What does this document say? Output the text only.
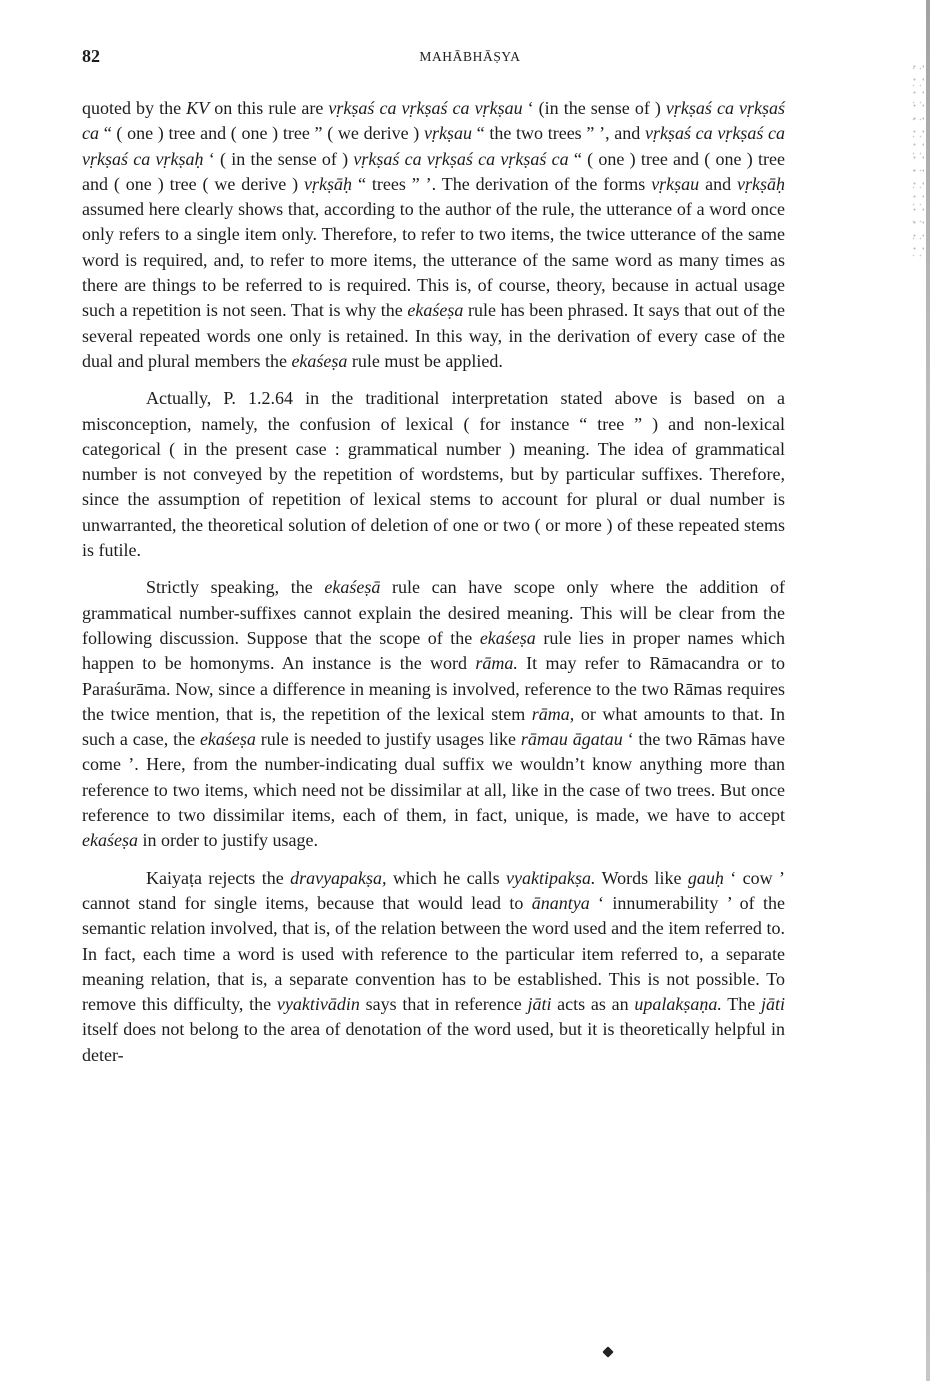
82	MAHĀBHĀṢYA

quoted by the KV on this rule are vṛkṣaś ca vṛkṣaś ca vṛkṣau ‘ (in the sense of ) vṛkṣaś ca vṛkṣaś ca “ ( one ) tree and ( one ) tree ” ( we derive ) vṛkṣau “ the two trees ” ’, and vṛkṣaś ca vṛkṣaś ca vṛkṣaś ca vṛkṣaḥ ‘ ( in the sense of ) vṛkṣaś ca vṛkṣaś ca vṛkṣaś ca “ ( one ) tree and ( one ) tree and ( one ) tree ( we derive ) vṛkṣāḥ “ trees ” ’. The derivation of the forms vṛkṣau and vṛkṣāḥ assumed here clearly shows that, according to the author of the rule, the utterance of a word once only refers to a single item only. Therefore, to refer to two items, the twice utterance of the same word is required, and, to refer to more items, the utterance of the same word as many times as there are things to be referred to is required. This is, of course, theory, because in actual usage such a repetition is not seen. That is why the ekaśeṣa rule has been phrased. It says that out of the several repeated words one only is retained. In this way, in the derivation of every case of the dual and plural members the ekaśeṣa rule must be applied.

Actually, P. 1.2.64 in the traditional interpretation stated above is based on a misconception, namely, the confusion of lexical ( for instance “ tree ” ) and non-lexical categorical ( in the present case : grammatical number ) meaning. The idea of grammatical number is not conveyed by the repetition of wordstems, but by particular suffixes. Therefore, since the assumption of repetition of lexical stems to account for plural or dual number is unwarranted, the theoretical solution of deletion of one or two ( or more ) of these repeated stems is futile.

Strictly speaking, the ekaśeṣā rule can have scope only where the addition of grammatical number-suffixes cannot explain the desired meaning. This will be clear from the following discussion. Suppose that the scope of the ekaśeṣa rule lies in proper names which happen to be homonyms. An instance is the word rāma. It may refer to Rāmacandra or to Paraśurāma. Now, since a difference in meaning is involved, reference to the two Rāmas requires the twice mention, that is, the repetition of the lexical stem rāma, or what amounts to that. In such a case, the ekaśeṣa rule is needed to justify usages like rāmau āgatau ‘ the two Rāmas have come ’. Here, from the number-indicating dual suffix we wouldn’t know anything more than reference to two items, which need not be dissimilar at all, like in the case of two trees. But once reference to two dissimilar items, each of them, in fact, unique, is made, we have to accept ekaśeṣa in order to justify usage.

Kaiyaṭa rejects the dravyapakṣa, which he calls vyaktipakṣa. Words like gauḥ ‘ cow ’ cannot stand for single items, because that would lead to ānantya ‘ innumerability ’ of the semantic relation involved, that is, of the relation between the word used and the item referred to. In fact, each time a word is used with reference to the particular item referred to, a separate meaning relation, that is, a separate convention has to be established. This is not possible. To remove this difficulty, the vyaktivādin says that in reference jāti acts as an upalakṣaṇa. The jāti itself does not belong to the area of denotation of the word used, but it is theoretically helpful in deter-
